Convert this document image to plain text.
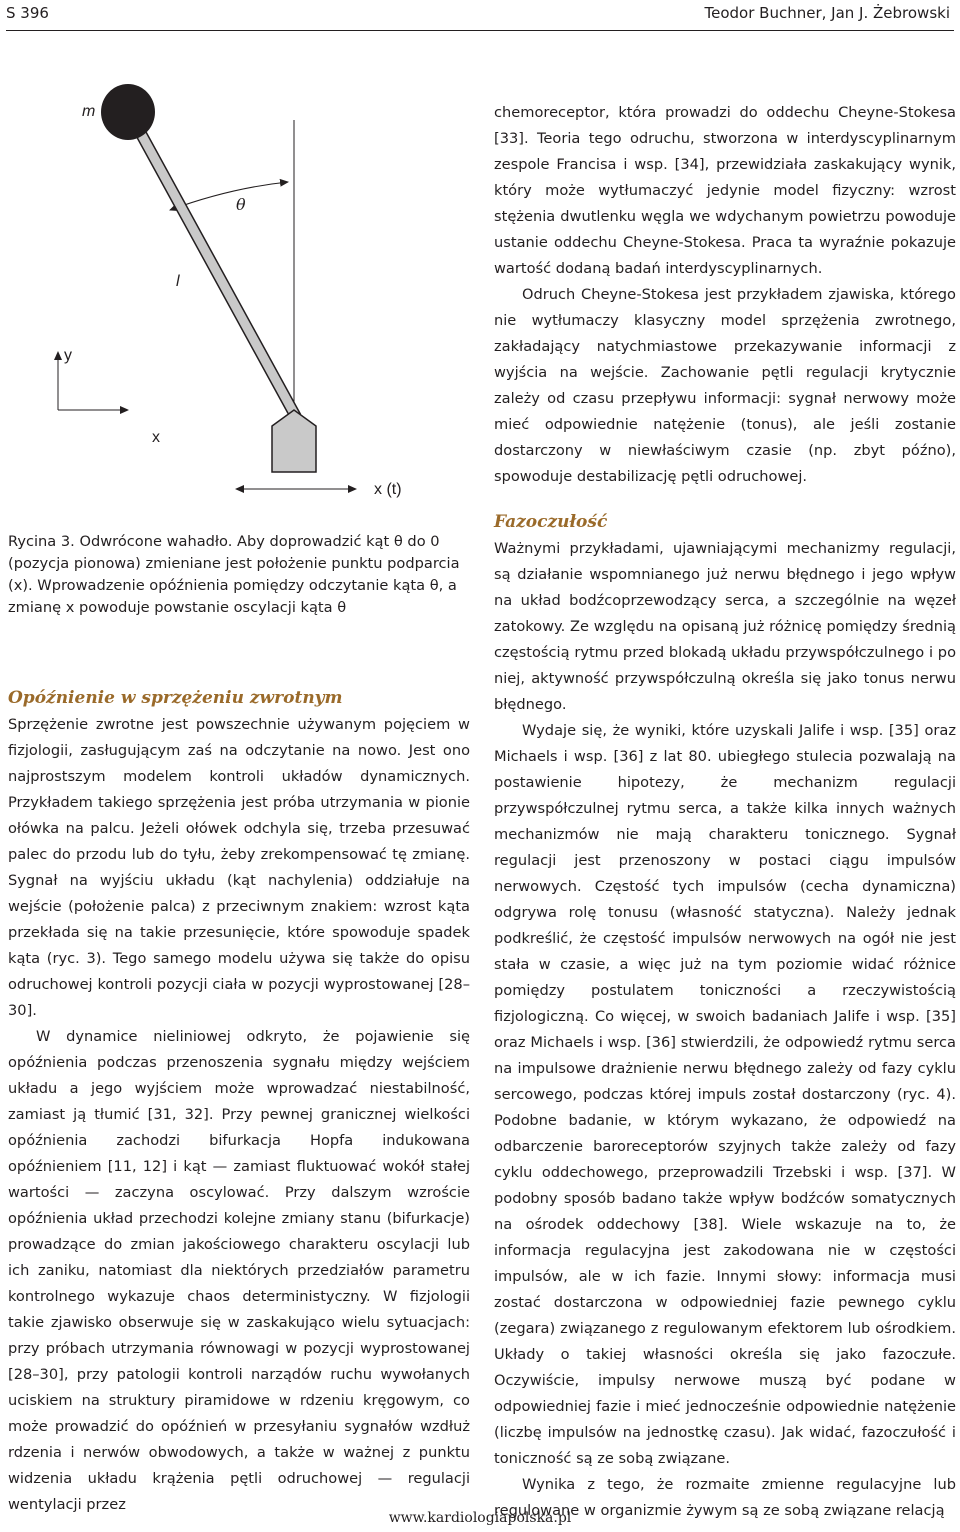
S 396	Teodor Buchner, Jan J. Żebrowski
m
θ
l
y
x
x (t)
Rycina 3. Odwrócone wahadło. Aby doprowadzić kąt θ do 0 (pozycja pionowa) zmieniane jest położenie punktu podparcia (x). Wprowadzenie opóźnienia pomiędzy odczytanie kąta θ, a zmianę x powoduje powstanie oscylacji kąta θ
Opóźnienie w sprzężeniu zwrotnym

Sprzężenie zwrotne jest powszechnie używanym pojęciem w fizjologii, zasługującym zaś na odczytanie na nowo. Jest ono najprostszym modelem kontroli układów dynamicznych. Przykładem takiego sprzężenia jest próba utrzymania w pionie ołówka na palcu. Jeżeli ołówek odchyla się, trzeba przesuwać palec do przodu lub do tyłu, żeby zrekompensować tę zmianę. Sygnał na wyjściu układu (kąt nachylenia) oddziałuje na wejście (położenie palca) z przeciwnym znakiem: wzrost kąta przekłada się na takie przesunięcie, które spowoduje spadek kąta (ryc. 3). Tego samego modelu używa się także do opisu odruchowej kontroli pozycji ciała w pozycji wyprostowanej [28–30].

W dynamice nieliniowej odkryto, że pojawienie się opóźnienia podczas przenoszenia sygnału między wejściem układu a jego wyjściem może wprowadzać niestabilność, zamiast ją tłumić [31, 32]. Przy pewnej granicznej wielkości opóźnienia zachodzi bifurkacja Hopfa indukowana opóźnieniem [11, 12] i kąt — zamiast fluktuować wokół stałej wartości — zaczyna oscylować. Przy dalszym wzroście opóźnienia układ przechodzi kolejne zmiany stanu (bifurkacje) prowadzące do zmian jakościowego charakteru oscylacji lub ich zaniku, natomiast dla niektórych przedziałów parametru kontrolnego wykazuje chaos deterministyczny. W fizjologii takie zjawisko obserwuje się w zaskakująco wielu sytuacjach: przy próbach utrzymania równowagi w pozycji wyprostowanej [28–30], przy patologii kontroli narządów ruchu wywołanych uciskiem na struktury piramidowe w rdzeniu kręgowym, co może prowadzić do opóźnień w przesyłaniu sygnałów wzdłuż rdzenia i nerwów obwodowych, a także w ważnej z punktu widzenia układu krążenia pętli odruchowej — regulacji wentylacji przez

chemoreceptor, która prowadzi do oddechu Cheyne-Stokesa [33]. Teoria tego odruchu, stworzona w interdyscyplinarnym zespole Francisa i wsp. [34], przewidziała zaskakujący wynik, który może wytłumaczyć jedynie model fizyczny: wzrost stężenia dwutlenku węgla we wdychanym powietrzu powoduje ustanie oddechu Cheyne-Stokesa. Praca ta wyraźnie pokazuje wartość dodaną badań interdyscyplinarnych.

Odruch Cheyne-Stokesa jest przykładem zjawiska, którego nie wytłumaczy klasyczny model sprzężenia zwrotnego, zakładający natychmiastowe przekazywanie informacji z wyjścia na wejście. Zachowanie pętli regulacji krytycznie zależy od czasu przepływu informacji: sygnał nerwowy może mieć odpowiednie natężenie (tonus), ale jeśli zostanie dostarczony w niewłaściwym czasie (np. zbyt późno), spowoduje destabilizację pętli odruchowej.

Fazoczułość

Ważnymi przykładami, ujawniającymi mechanizmy regulacji, są działanie wspomnianego już nerwu błędnego i jego wpływ na układ bodźcoprzewodzący serca, a szczególnie na węzeł zatokowy. Ze względu na opisaną już różnicę pomiędzy średnią częstością rytmu przed blokadą układu przywspółczulnego i po niej, aktywność przywspółczulną określa się jako tonus nerwu błędnego.

Wydaje się, że wyniki, które uzyskali Jalife i wsp. [35] oraz Michaels i wsp. [36] z lat 80. ubiegłego stulecia pozwalają na postawienie hipotezy, że mechanizm regulacji przywspółczulnej rytmu serca, a także kilka innych ważnych mechanizmów nie mają charakteru tonicznego. Sygnał regulacji jest przenoszony w postaci ciągu impulsów nerwowych. Częstość tych impulsów (cecha dynamiczna) odgrywa rolę tonusu (własność statyczna). Należy jednak podkreślić, że częstość impulsów nerwowych na ogół nie jest stała w czasie, a więc już na tym poziomie widać różnice pomiędzy postulatem toniczności a rzeczywistością fizjologiczną. Co więcej, w swoich badaniach Jalife i wsp. [35] oraz Michaels i wsp. [36] stwierdzili, że odpowiedź rytmu serca na impulsowe drażnienie nerwu błędnego zależy od fazy cyklu sercowego, podczas której impuls został dostarczony (ryc. 4). Podobne badanie, w którym wykazano, że odpowiedź na odbarczenie baroreceptorów szyjnych także zależy od fazy cyklu oddechowego, przeprowadzili Trzebski i wsp. [37]. W podobny sposób badano także wpływ bodźców somatycznych na ośrodek oddechowy [38]. Wiele wskazuje na to, że informacja regulacyjna jest zakodowana nie w częstości impulsów, ale w ich fazie. Innymi słowy: informacja musi zostać dostarczona w odpowiedniej fazie pewnego cyklu (zegara) związanego z regulowanym efektorem lub ośrodkiem. Układy o takiej własności określa się jako fazoczułe. Oczywiście, impulsy nerwowe muszą być podane w odpowiedniej fazie i mieć jednocześnie odpowiednie natężenie (liczbę impulsów na jednostkę czasu). Jak widać, fazoczułość i toniczność są ze sobą związane.

Wynika z tego, że rozmaite zmienne regulacyjne lub regulowane w organizmie żywym są ze sobą związane relacją

www.kardiologiapolska.pl
